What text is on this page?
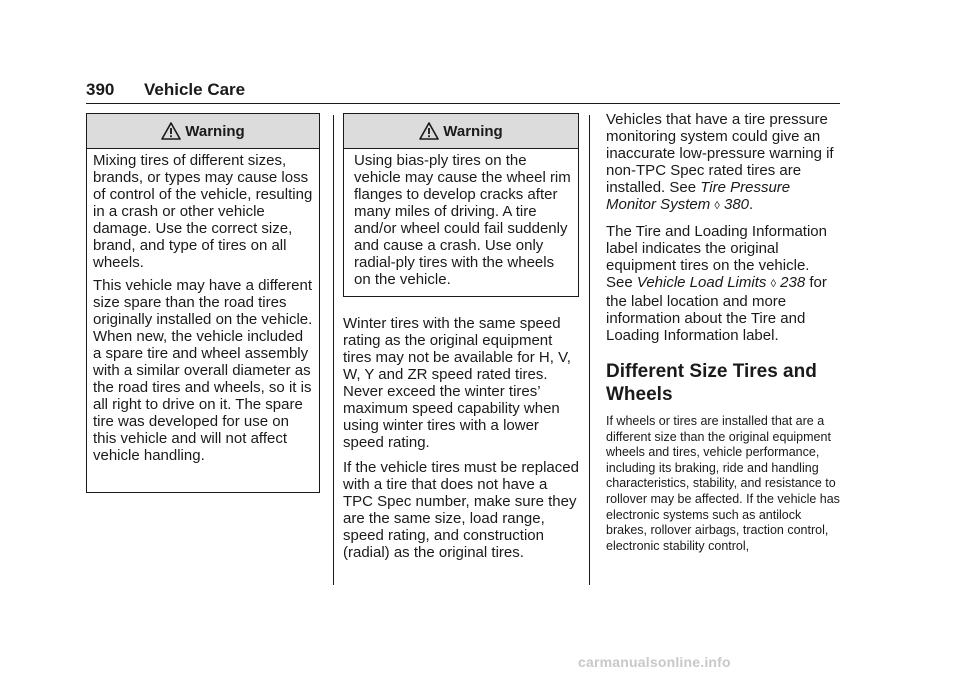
390 Vehicle Care
Warning

Mixing tires of different sizes, brands, or types may cause loss of control of the vehicle, resulting in a crash or other vehicle damage. Use the correct size, brand, and type of tires on all wheels.

This vehicle may have a different size spare than the road tires originally installed on the vehicle. When new, the vehicle included a spare tire and wheel assembly with a similar overall diameter as the road tires and wheels, so it is all right to drive on it. The spare tire was developed for use on this vehicle and will not affect vehicle handling.

Warning

Using bias-ply tires on the vehicle may cause the wheel rim flanges to develop cracks after many miles of driving. A tire and/or wheel could fail suddenly and cause a crash. Use only radial-ply tires with the wheels on the vehicle.

Winter tires with the same speed rating as the original equipment tires may not be available for H, V, W, Y and ZR speed rated tires. Never exceed the winter tires’ maximum speed capability when using winter tires with a lower speed rating.

If the vehicle tires must be replaced with a tire that does not have a TPC Spec number, make sure they are the same size, load range, speed rating, and construction (radial) as the original tires.

Vehicles that have a tire pressure monitoring system could give an inaccurate low-pressure warning if non-TPC Spec rated tires are installed. See Tire Pressure Monitor System ◊ 380.

The Tire and Loading Information label indicates the original equipment tires on the vehicle. See Vehicle Load Limits ◊ 238 for the label location and more information about the Tire and Loading Information label.

Different Size Tires and Wheels

If wheels or tires are installed that are a different size than the original equipment wheels and tires, vehicle performance, including its braking, ride and handling characteristics, stability, and resistance to rollover may be affected. If the vehicle has electronic systems such as antilock brakes, rollover airbags, traction control, electronic stability control,

carmanualsonline.info
